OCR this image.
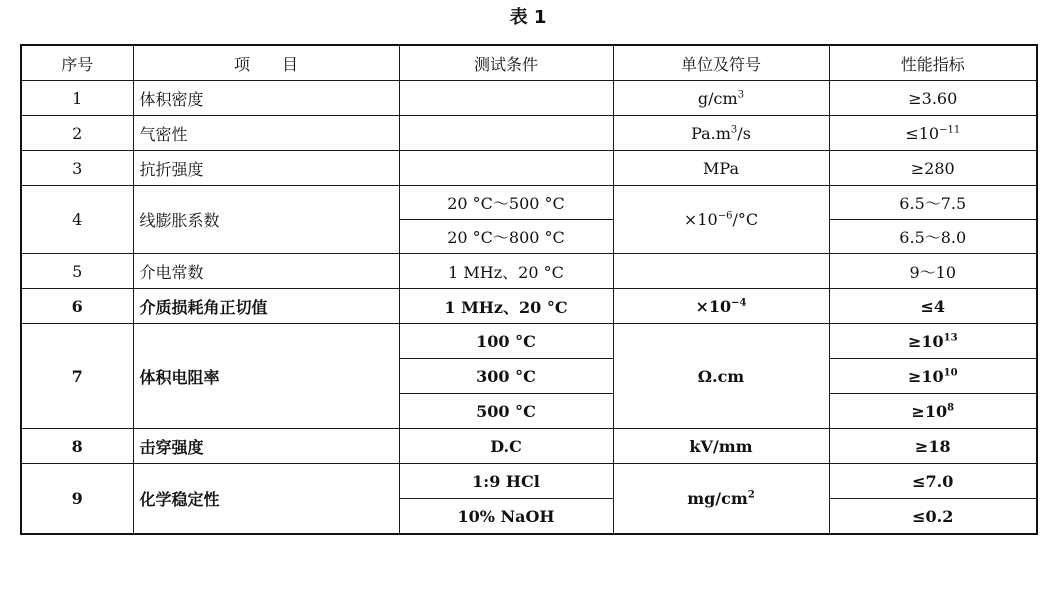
表 1
序号	项　　目	测试条件	单位及符号	性能指标
1	体积密度		$g/cm^3$	≥3.60
2	气密性		$Pa.m^3/s$	$\le 10^{-11}$
3	抗折强度		MPa	≥280
4	线膨胀系数	20 °C～500 °C	$\times 10^{-6}/^\circ C$	6.5～7.5
		20 °C～800 °C		6.5～8.0
5	介电常数	1 MHz、20 °C		9～10
6	介质损耗角正切值	1 MHz、20 °C	$\times 10^{-4}$	≤4
7	体积电阻率	100 °C	Ω.cm	$\ge 10^{13}$
		300 °C		$\ge 10^{10}$
		500 °C		$\ge 10^8$
8	击穿强度	D.C	kV/mm	≥18
9	化学稳定性	1:9 HCl	$mg/cm^2$	≤7.0
		10% NaOH		≤0.2
